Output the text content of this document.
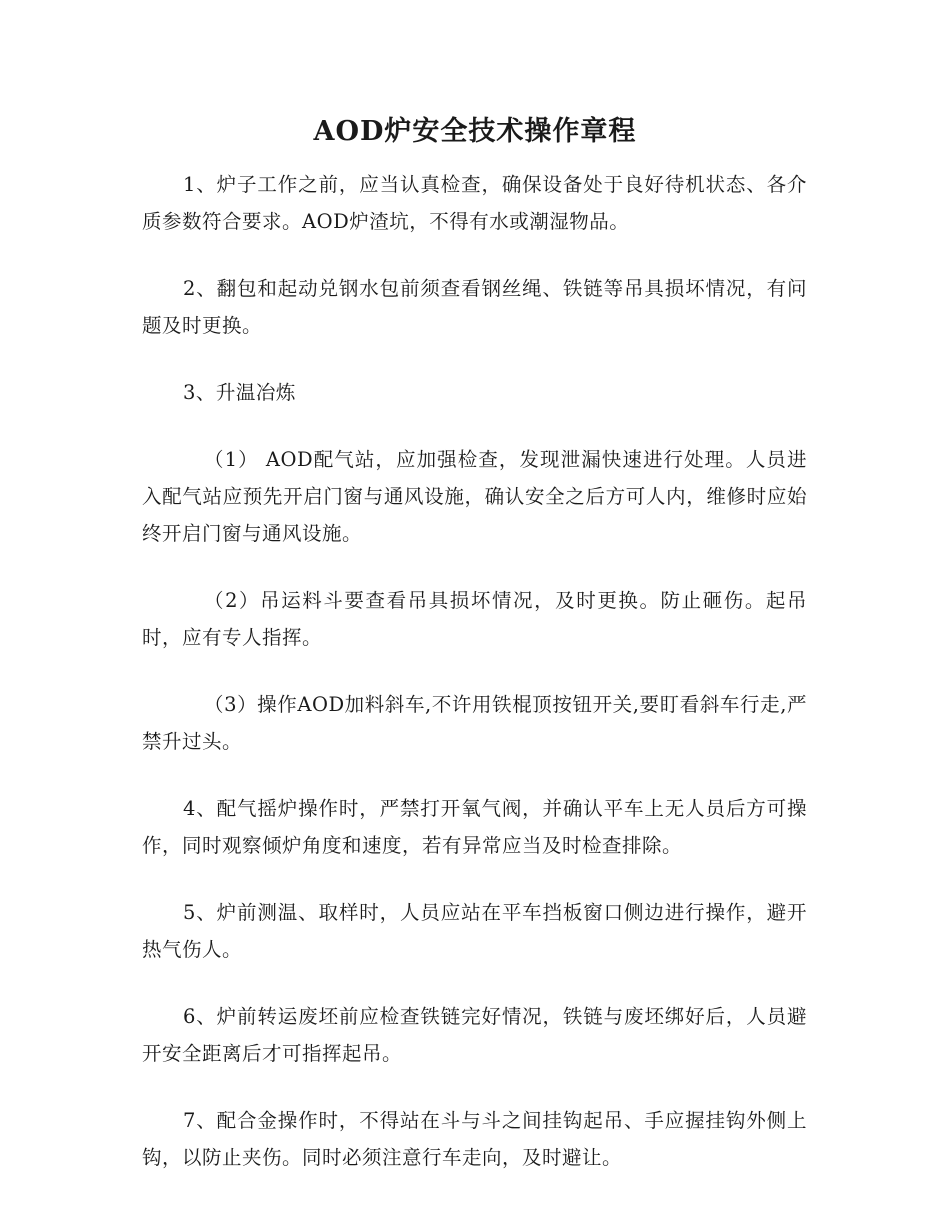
AOD炉安全技术操作章程

1、炉子工作之前，应当认真检查，确保设备处于良好待机状态、各介质参数符合要求。AOD炉渣坑，不得有水或潮湿物品。

2、翻包和起动兑钢水包前须查看钢丝绳、铁链等吊具损坏情况，有问题及时更换。

3、升温冶炼

（1） AOD配气站，应加强检查，发现泄漏快速进行处理。人员进入配气站应预先开启门窗与通风设施，确认安全之后方可人内，维修时应始终开启门窗与通风设施。

（2）吊运料斗要查看吊具损坏情况，及时更换。防止砸伤。起吊时，应有专人指挥。

（3）操作AOD加料斜车,不许用铁棍顶按钮开关,要盯看斜车行走,严禁升过头。

4、配气摇炉操作时，严禁打开氧气阀，并确认平车上无人员后方可操作，同时观察倾炉角度和速度，若有异常应当及时检查排除。

5、炉前测温、取样时，人员应站在平车挡板窗口侧边进行操作，避开热气伤人。

6、炉前转运废坯前应检查铁链完好情况，铁链与废坯绑好后，人员避开安全距离后才可指挥起吊。

7、配合金操作时，不得站在斗与斗之间挂钩起吊、手应握挂钩外侧上钩，以防止夹伤。同时必须注意行车走向，及时避让。
